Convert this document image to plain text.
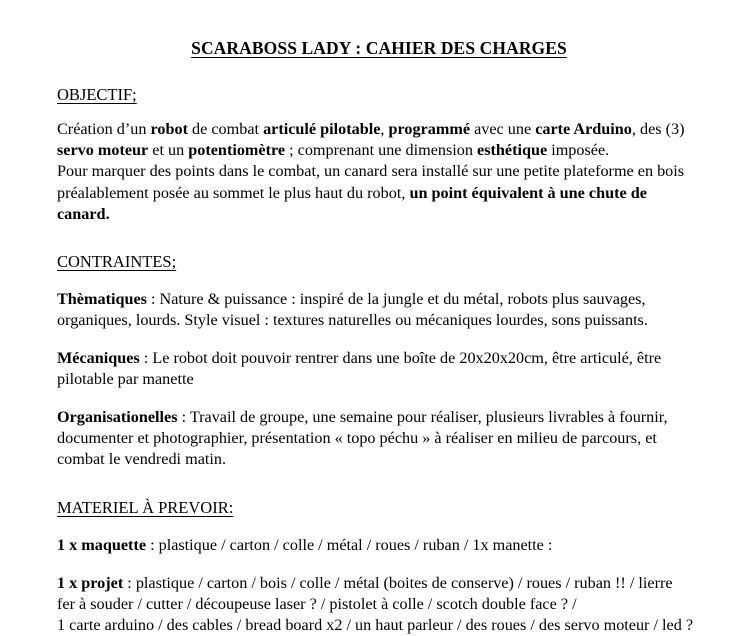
SCARABOSS LADY : CAHIER DES CHARGES
OBJECTIF;

Création d’un robot de combat articulé pilotable, programmé avec une carte Arduino, des (3) servo moteur et un potentiomètre ; comprenant une dimension esthétique imposée.

Pour marquer des points dans le combat, un canard sera installé sur une petite plateforme en bois préalablement posée au sommet le plus haut du robot, un point équivalent à une chute de canard.

CONTRAINTES;

Thèmatiques : Nature & puissance : inspiré de la jungle et du métal, robots plus sauvages, organiques, lourds. Style visuel : textures naturelles ou mécaniques lourdes, sons puissants.

Mécaniques : Le robot doit pouvoir rentrer dans une boîte de 20x20x20cm, être articulé, être pilotable par manette

Organisationelles : Travail de groupe, une semaine pour réaliser, plusieurs livrables à fournir, documenter et photographier, présentation « topo péchu » à réaliser en milieu de parcours, et combat le vendredi matin.

MATERIEL À PREVOIR:

1 x maquette : plastique / carton / colle / métal / roues / ruban / 1x manette :

1 x projet : plastique / carton / bois / colle / métal (boites de conserve) / roues / ruban !! / lierre
fer à souder / cutter / découpeuse laser ? / pistolet à colle / scotch double face ? /
1 carte arduino / des cables / bread board x2 / un haut parleur / des roues / des servo moteur / led ?
